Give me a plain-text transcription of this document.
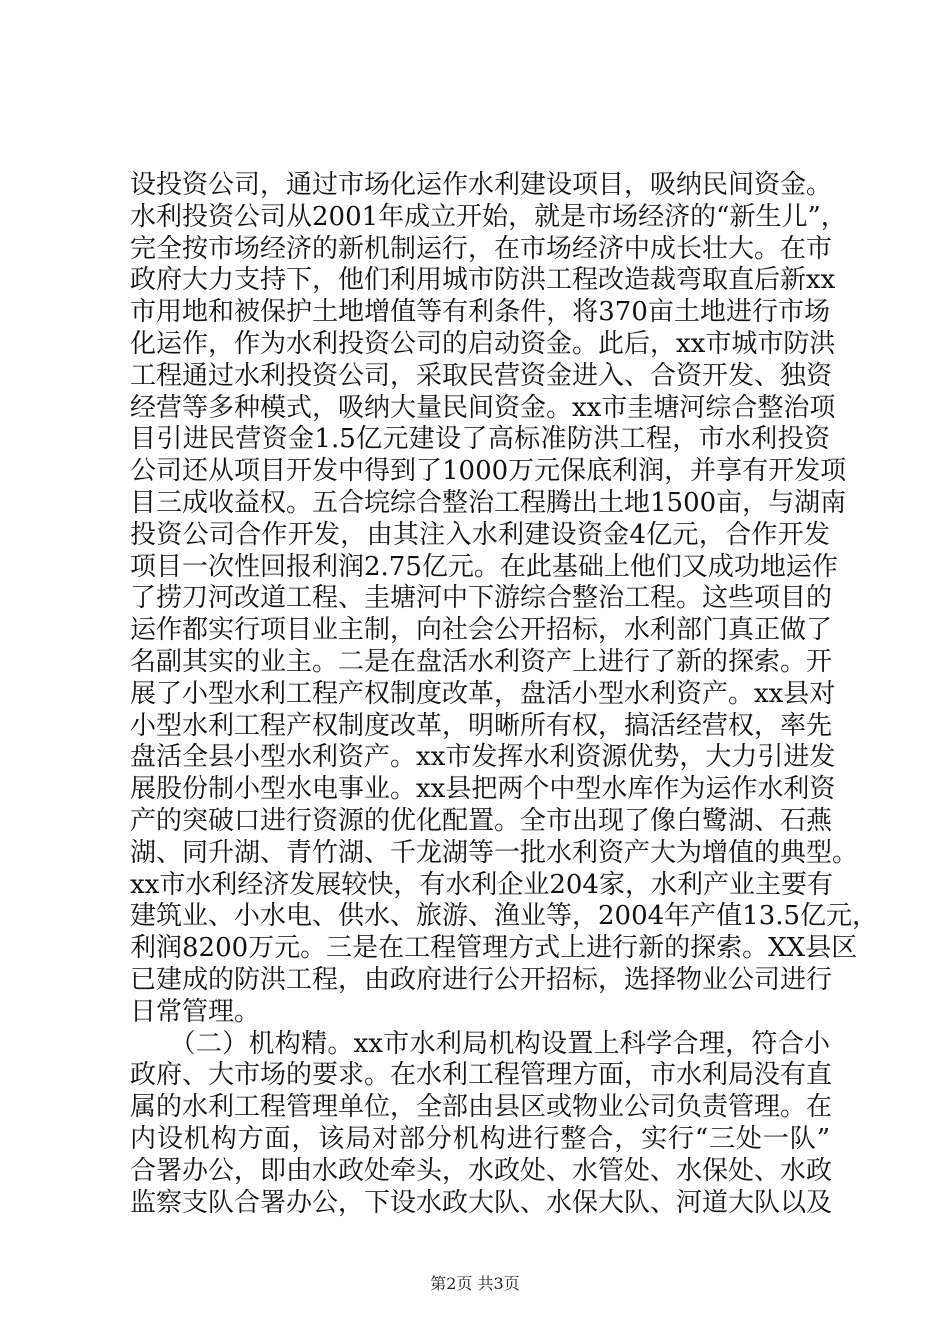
设投资公司，通过市场化运作水利建设项目，吸纳民间资金。
水利投资公司从2001年成立开始，就是市场经济的“新生儿”，
完全按市场经济的新机制运行，在市场经济中成长壮大。在市
政府大力支持下，他们利用城市防洪工程改造裁弯取直后新xx
市用地和被保护土地增值等有利条件，将370亩土地进行市场
化运作，作为水利投资公司的启动资金。此后，xx市城市防洪
工程通过水利投资公司，采取民营资金进入、合资开发、独资
经营等多种模式，吸纳大量民间资金。xx市圭塘河综合整治项
目引进民营资金1.5亿元建设了高标准防洪工程，市水利投资
公司还从项目开发中得到了1000万元保底利润，并享有开发项
目三成收益权。五合垸综合整治工程腾出土地1500亩，与湖南
投资公司合作开发，由其注入水利建设资金4亿元，合作开发
项目一次性回报利润2.75亿元。在此基础上他们又成功地运作
了捞刀河改道工程、圭塘河中下游综合整治工程。这些项目的
运作都实行项目业主制，向社会公开招标，水利部门真正做了
名副其实的业主。二是在盘活水利资产上进行了新的探索。开
展了小型水利工程产权制度改革，盘活小型水利资产。xx县对
小型水利工程产权制度改革，明晰所有权，搞活经营权，率先
盘活全县小型水利资产。xx市发挥水利资源优势，大力引进发
展股份制小型水电事业。xx县把两个中型水库作为运作水利资
产的突破口进行资源的优化配置。全市出现了像白鹭湖、石燕
湖、同升湖、青竹湖、千龙湖等一批水利资产大为增值的典型。
xx市水利经济发展较快，有水利企业204家，水利产业主要有
建筑业、小水电、供水、旅游、渔业等，2004年产值13.5亿元，
利润8200万元。三是在工程管理方式上进行新的探索。XX县区
已建成的防洪工程，由政府进行公开招标，选择物业公司进行
日常管理。
　　（二）机构精。xx市水利局机构设置上科学合理，符合小
政府、大市场的要求。在水利工程管理方面，市水利局没有直
属的水利工程管理单位，全部由县区或物业公司负责管理。在
内设机构方面，该局对部分机构进行整合，实行“三处一队”
合署办公，即由水政处牵头，水政处、水管处、水保处、水政
监察支队合署办公，下设水政大队、水保大队、河道大队以及
第2页 共3页
